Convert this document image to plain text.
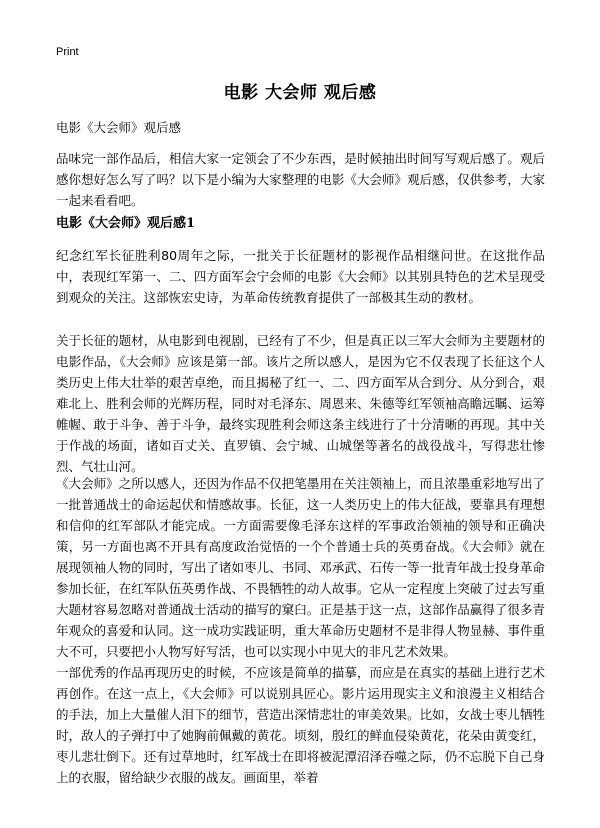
Print
电影 大会师 观后感
电影《大会师》观后感
品味完一部作品后，相信大家一定领会了不少东西，是时候抽出时间写写观后感了。观后感你想好怎么写了吗？以下是小编为大家整理的电影《大会师》观后感，仅供参考，大家一起来看看吧。
电影《大会师》观后感1
纪念红军长征胜利80周年之际，一批关于长征题材的影视作品相继问世。在这批作品中，表现红军第一、二、四方面军会宁会师的电影《大会师》以其别具特色的艺术呈现受到观众的关注。这部恢宏史诗，为革命传统教育提供了一部极其生动的教材。
关于长征的题材，从电影到电视剧，已经有了不少，但是真正以三军大会师为主要题材的电影作品，《大会师》应该是第一部。该片之所以感人，是因为它不仅表现了长征这个人类历史上伟大壮举的艰苦卓绝，而且揭秘了红一、二、四方面军从合到分、从分到合，艰难北上、胜利会师的光辉历程，同时对毛泽东、周恩来、朱德等红军领袖高瞻远瞩、运筹帷幄、敢于斗争、善于斗争，最终实现胜利会师这条主线进行了十分清晰的再现。其中关于作战的场面，诸如百丈关、直罗镇、会宁城、山城堡等著名的战役战斗，写得悲壮惨烈、气壮山河。
《大会师》之所以感人，还因为作品不仅把笔墨用在关注领袖上，而且浓墨重彩地写出了一批普通战士的命运起伏和情感故事。长征，这一人类历史上的伟大征战，要靠具有理想和信仰的红军部队才能完成。一方面需要像毛泽东这样的军事政治领袖的领导和正确决策，另一方面也离不开具有高度政治觉悟的一个个普通士兵的英勇奋战。《大会师》就在展现领袖人物的同时，写出了诸如枣儿、书同、邓承武、石传一等一批青年战士投身革命参加长征，在红军队伍英勇作战、不畏牺牲的动人故事。它从一定程度上突破了过去写重大题材容易忽略对普通战士活动的描写的窠臼。正是基于这一点，这部作品赢得了很多青年观众的喜爱和认同。这一成功实践证明，重大革命历史题材不是非得人物显赫、事件重大不可，只要把小人物写好写活，也可以实现小中见大的非凡艺术效果。
一部优秀的作品再现历史的时候，不应该是简单的描摹，而应是在真实的基础上进行艺术再创作。在这一点上，《大会师》可以说别具匠心。影片运用现实主义和浪漫主义相结合的手法，加上大量催人泪下的细节，营造出深情悲壮的审美效果。比如，女战士枣儿牺牲时，敌人的子弹打中了她胸前佩戴的黄花。顷刻，殷红的鲜血侵染黄花，花朵由黄变红，枣儿悲壮倒下。还有过草地时，红军战士在即将被泥潭沼泽吞噬之际，仍不忘脱下自己身上的衣服，留给缺少衣服的战友。画面里，举着
